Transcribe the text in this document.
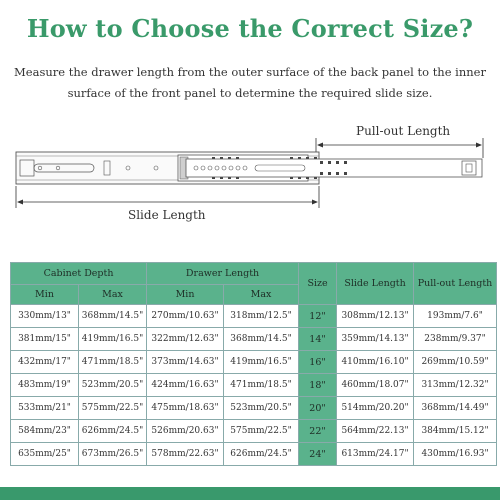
How to Choose the Correct Size?
Measure the drawer length from the outer surface of the back panel to the inner surface of the front panel to determine the required slide size.
Pull-out Length
Slide Length
Cabinet Depth		Drawer Length		Size	Slide Length	Pull-out Length
Min	Max	Min	Max			
330mm/13"	368mm/14.5"	270mm/10.63"	318mm/12.5"	12"	308mm/12.13"	193mm/7.6"
381mm/15"	419mm/16.5"	322mm/12.63"	368mm/14.5"	14"	359mm/14.13"	238mm/9.37"
432mm/17"	471mm/18.5"	373mm/14.63"	419mm/16.5"	16"	410mm/16.10"	269mm/10.59"
483mm/19"	523mm/20.5"	424mm/16.63"	471mm/18.5"	18"	460mm/18.07"	313mm/12.32"
533mm/21"	575mm/22.5"	475mm/18.63"	523mm/20.5"	20"	514mm/20.20"	368mm/14.49"
584mm/23"	626mm/24.5"	526mm/20.63"	575mm/22.5"	22"	564mm/22.13"	384mm/15.12"
635mm/25"	673mm/26.5"	578mm/22.63"	626mm/24.5"	24"	613mm/24.17"	430mm/16.93"
